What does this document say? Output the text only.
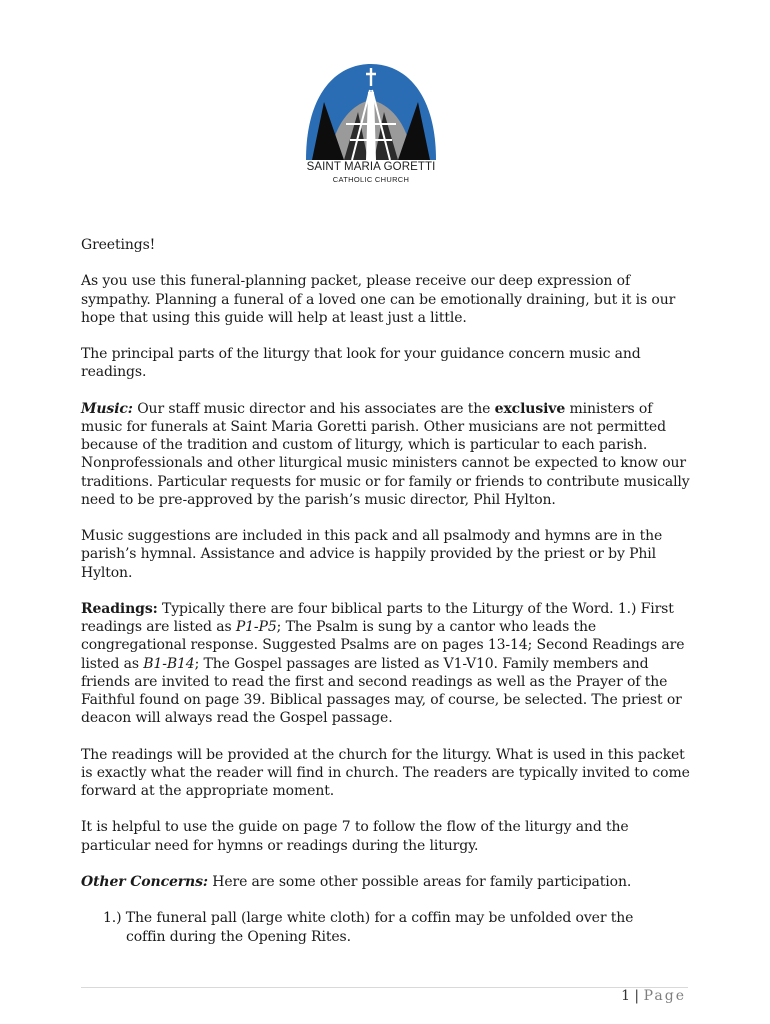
SAINT MARIA GORETTI
CATHOLIC CHURCH

Greetings!

As you use this funeral-planning packet, please receive our deep expression of sympathy. Planning a funeral of a loved one can be emotionally draining, but it is our hope that using this guide will help at least just a little.

The principal parts of the liturgy that look for your guidance concern music and readings.

Music: Our staff music director and his associates are the exclusive ministers of music for funerals at Saint Maria Goretti parish. Other musicians are not permitted because of the tradition and custom of liturgy, which is particular to each parish. Nonprofessionals and other liturgical music ministers cannot be expected to know our traditions. Particular requests for music or for family or friends to contribute musically need to be pre-approved by the parish’s music director, Phil Hylton.

Music suggestions are included in this pack and all psalmody and hymns are in the parish’s hymnal. Assistance and advice is happily provided by the priest or by Phil Hylton.

Readings: Typically there are four biblical parts to the Liturgy of the Word. 1.) First readings are listed as P1-P5; The Psalm is sung by a cantor who leads the congregational response. Suggested Psalms are on pages 13-14; Second Readings are listed as B1-B14; The Gospel passages are listed as V1-V10. Family members and friends are invited to read the first and second readings as well as the Prayer of the Faithful found on page 39. Biblical passages may, of course, be selected. The priest or deacon will always read the Gospel passage.

The readings will be provided at the church for the liturgy. What is used in this packet is exactly what the reader will find in church. The readers are typically invited to come forward at the appropriate moment.

It is helpful to use the guide on page 7 to follow the flow of the liturgy and the particular need for hymns or readings during the liturgy.

Other Concerns: Here are some other possible areas for family participation.

1.) The funeral pall (large white cloth) for a coffin may be unfolded over the
coffin during the Opening Rites.

1 | Page
